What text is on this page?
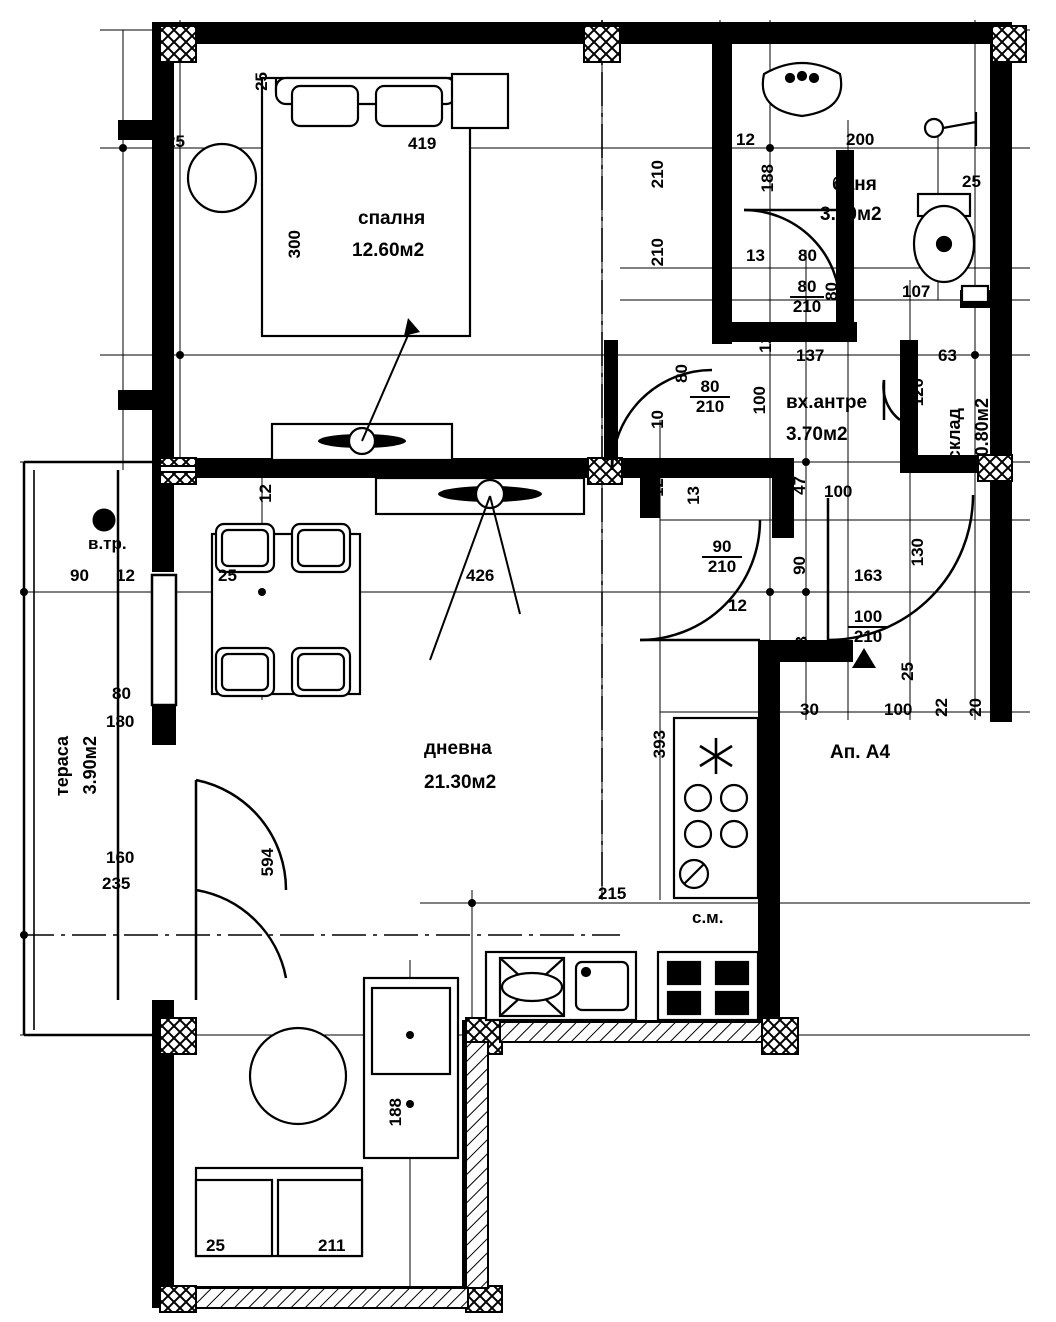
спалня
12.60м2
419
300
25
25
дневна
21.30м2
426
12
25
594
баня
3.80м2
12	200
25
188
13 80
107
210
210
80
210
80
80
210
80
10
вх.антре
3.70м2
137
12
100
100
47
12 13
склад 0.80м2
63
120
90
210	90
12
100
210
163
130
3
30
25
100 22 20
Ап. А4
393
215
с.м.
тераса 3.90м2
80
180
160
235
90 12
в.тр.
188
25	211
